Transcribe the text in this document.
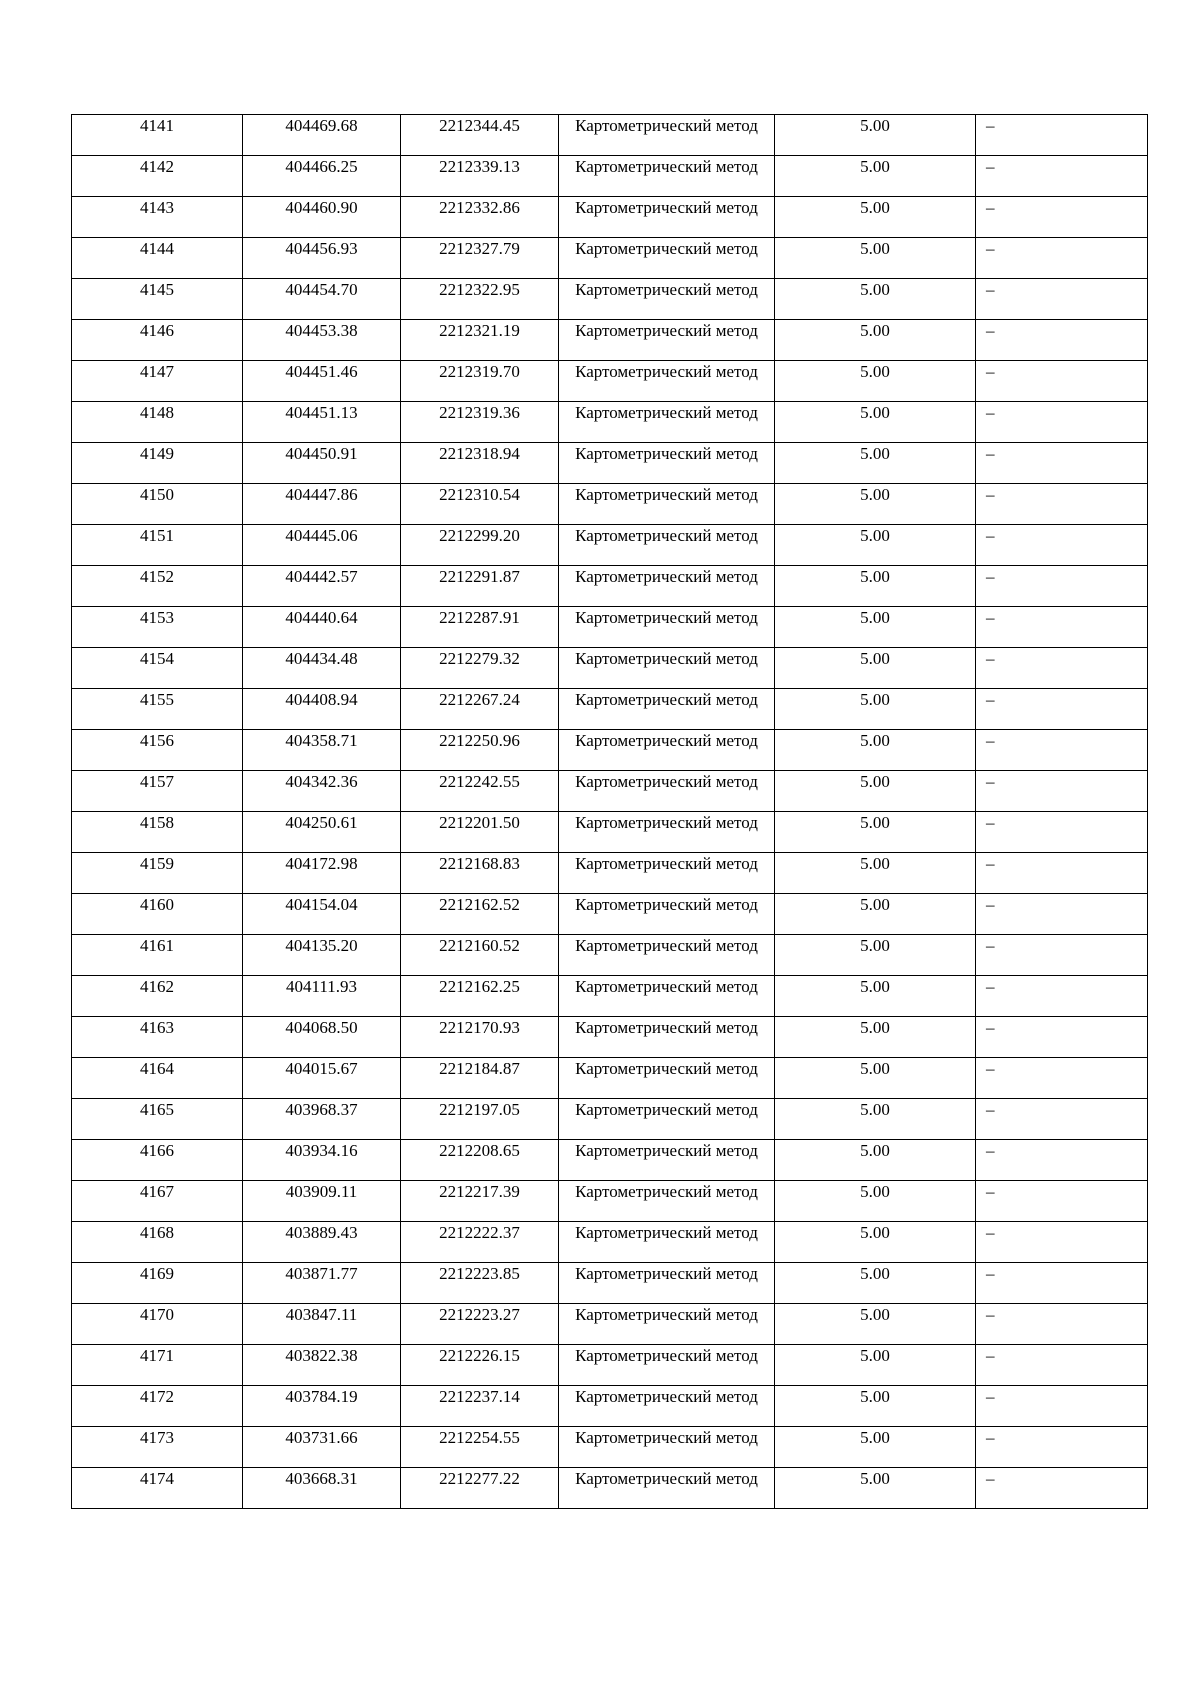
4141	404469.68	2212344.45	Картометрический метод	5.00	–
4142	404466.25	2212339.13	Картометрический метод	5.00	–
4143	404460.90	2212332.86	Картометрический метод	5.00	–
4144	404456.93	2212327.79	Картометрический метод	5.00	–
4145	404454.70	2212322.95	Картометрический метод	5.00	–
4146	404453.38	2212321.19	Картометрический метод	5.00	–
4147	404451.46	2212319.70	Картометрический метод	5.00	–
4148	404451.13	2212319.36	Картометрический метод	5.00	–
4149	404450.91	2212318.94	Картометрический метод	5.00	–
4150	404447.86	2212310.54	Картометрический метод	5.00	–
4151	404445.06	2212299.20	Картометрический метод	5.00	–
4152	404442.57	2212291.87	Картометрический метод	5.00	–
4153	404440.64	2212287.91	Картометрический метод	5.00	–
4154	404434.48	2212279.32	Картометрический метод	5.00	–
4155	404408.94	2212267.24	Картометрический метод	5.00	–
4156	404358.71	2212250.96	Картометрический метод	5.00	–
4157	404342.36	2212242.55	Картометрический метод	5.00	–
4158	404250.61	2212201.50	Картометрический метод	5.00	–
4159	404172.98	2212168.83	Картометрический метод	5.00	–
4160	404154.04	2212162.52	Картометрический метод	5.00	–
4161	404135.20	2212160.52	Картометрический метод	5.00	–
4162	404111.93	2212162.25	Картометрический метод	5.00	–
4163	404068.50	2212170.93	Картометрический метод	5.00	–
4164	404015.67	2212184.87	Картометрический метод	5.00	–
4165	403968.37	2212197.05	Картометрический метод	5.00	–
4166	403934.16	2212208.65	Картометрический метод	5.00	–
4167	403909.11	2212217.39	Картометрический метод	5.00	–
4168	403889.43	2212222.37	Картометрический метод	5.00	–
4169	403871.77	2212223.85	Картометрический метод	5.00	–
4170	403847.11	2212223.27	Картометрический метод	5.00	–
4171	403822.38	2212226.15	Картометрический метод	5.00	–
4172	403784.19	2212237.14	Картометрический метод	5.00	–
4173	403731.66	2212254.55	Картометрический метод	5.00	–
4174	403668.31	2212277.22	Картометрический метод	5.00	–
